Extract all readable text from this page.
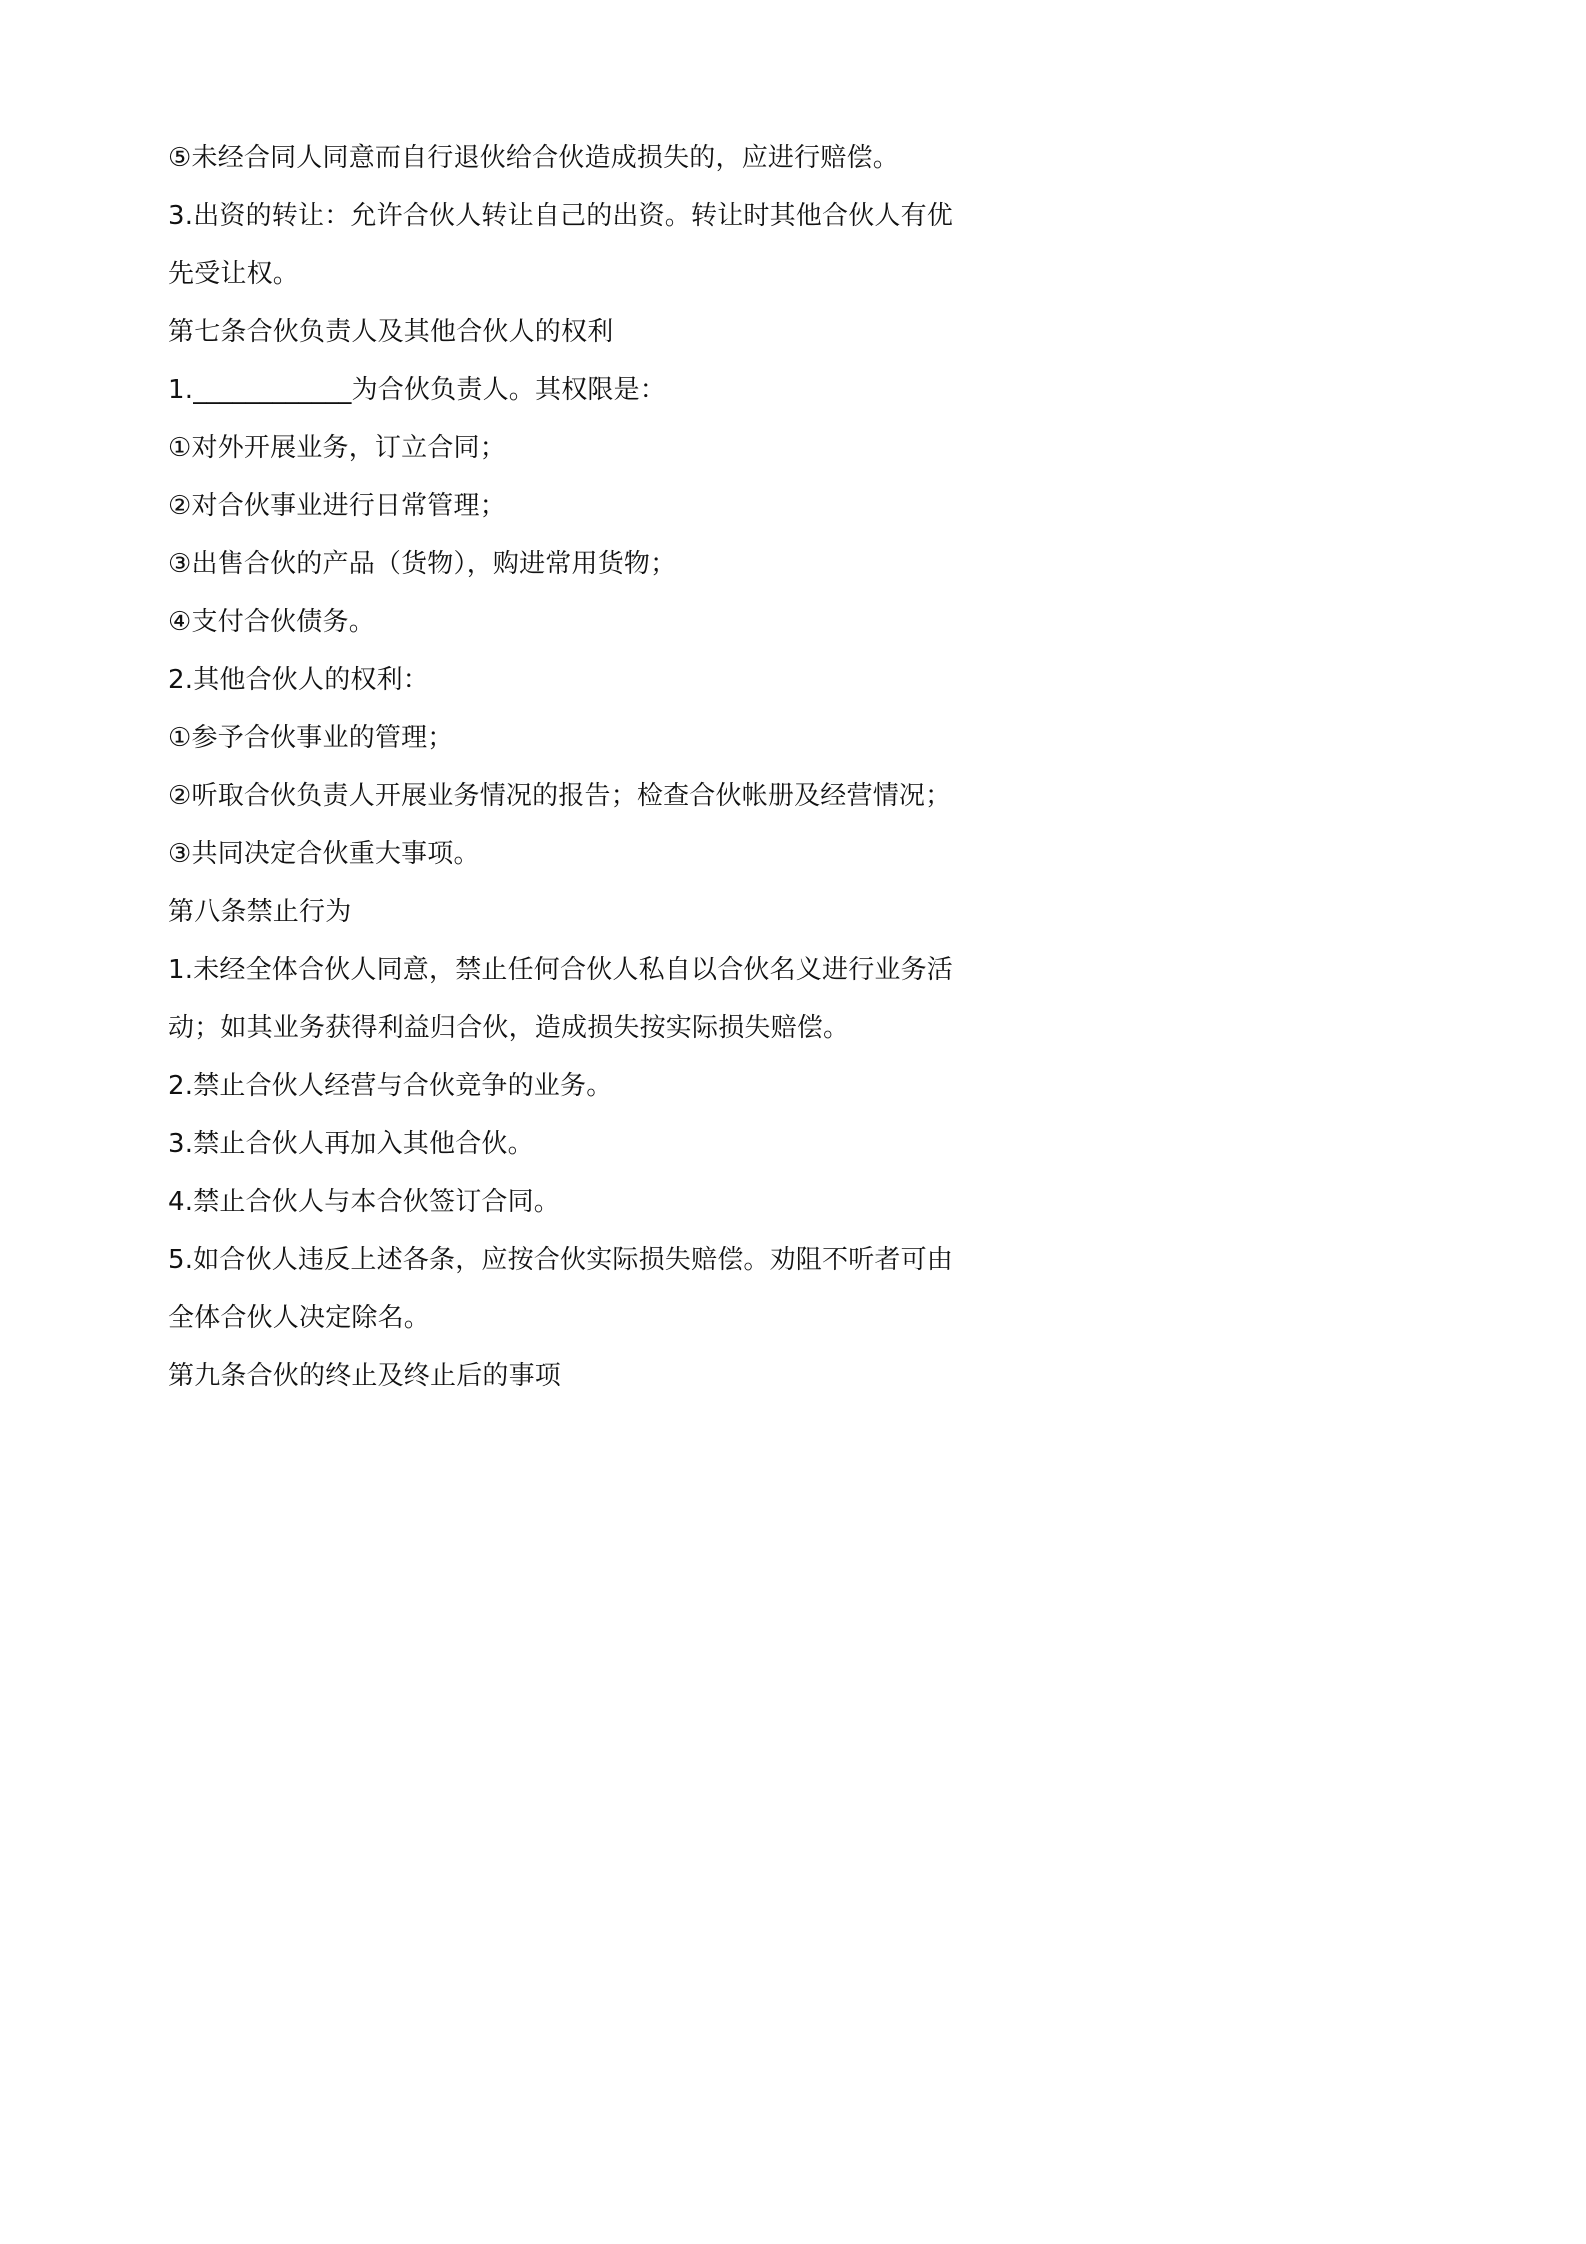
⑤未经合同人同意而自行退伙给合伙造成损失的，应进行赔偿。
3.出资的转让：允许合伙人转让自己的出资。转让时其他合伙人有优
先受让权。
第七条合伙负责人及其他合伙人的权利
1.____________为合伙负责人。其权限是：
①对外开展业务，订立合同；
②对合伙事业进行日常管理；
③出售合伙的产品（货物），购进常用货物；
④支付合伙债务。
2.其他合伙人的权利：
①参予合伙事业的管理；
②听取合伙负责人开展业务情况的报告；检查合伙帐册及经营情况；
③共同决定合伙重大事项。
第八条禁止行为
1.未经全体合伙人同意，禁止任何合伙人私自以合伙名义进行业务活
动；如其业务获得利益归合伙，造成损失按实际损失赔偿。
2.禁止合伙人经营与合伙竞争的业务。
3.禁止合伙人再加入其他合伙。
4.禁止合伙人与本合伙签订合同。
5.如合伙人违反上述各条，应按合伙实际损失赔偿。劝阻不听者可由
全体合伙人决定除名。
第九条合伙的终止及终止后的事项
